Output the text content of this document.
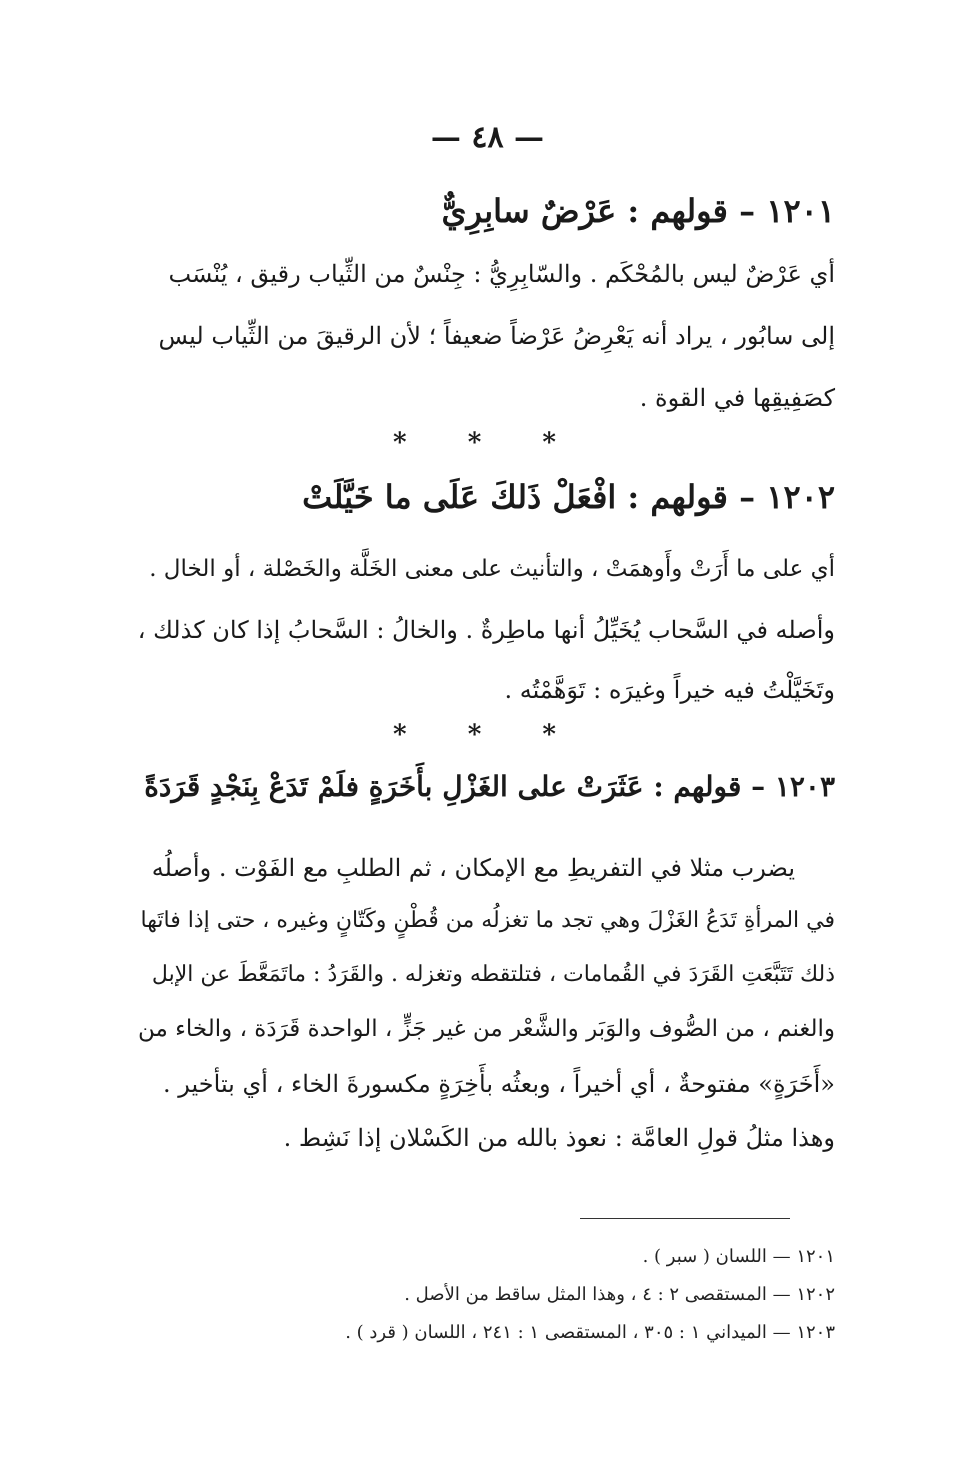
— ٤٨ —
١٢٠١ – قولهم : عَرْضٌ سابِرِيٌّ
أي عَرْضٌ ليس بالمُحْكَم . والسّابِرِيُّ : جِنْسٌ من الثِّياب رقيق ، يُنْسَب
إلى سابُور ، يراد أنه يَعْرِضُ عَرْضاً ضعيفاً ؛ لأن الرقيقَ من الثِّياب ليس
كصَفِيقِها في القوة .
* * *
١٢٠٢ – قولهم : افْعَلْ ذَلكَ عَلَى ما خَيَّلَتْ
أي على ما أَرَتْ وأَوهمَتْ ، والتأنيث على معنى الخَلَّة والخَصْلة ، أو الخال .
وأصله في السَّحاب يُخَيِّلُ أنها ماطِرةٌ . والخالُ : السَّحابُ إذا كان كذلك ،
وتَخَيَّلْتُ فيه خيراً وغيرَه : تَوَهَّمْتُه .
* * *
١٢٠٣ – قولهم : عَثَرَتْ على الغَزْلِ بأَخَرَةٍ فلَمْ تَدَعْ بِنَجْدٍ قَرَدَةً
يضرب مثلا في التفريطِ مع الإمكان ، ثم الطلبِ مع الفَوْت . وأصلُه
في المرأةِ تَدَعُ الغَزْلَ وهي تجد ما تغزلُه من قُطْنٍ وكَتّانٍ وغيره ، حتى إذا فاتَها
ذلك تَتَبَّعَتِ القَرَدَ في القُمامات ، فتلتقطه وتغزله . والقَرَدُ : ماتَمَعَّطَ عن الإبل
والغنم ، من الصُّوف والوَبَر والشَّعْر من غير جَزٍّ ، الواحدة قَرَدَة ، والخاء من
«أَخَرَةٍ» مفتوحةٌ ، أي أخيراً ، وبعثُه بأَخِرَةٍ مكسورةَ الخاء ، أي بتأخير .
وهذا مثلُ قولِ العامَّة : نعوذ بالله من الكَسْلان إذا نَشِط .
١٢٠١ — اللسان ( سبر ) .
١٢٠٢ — المستقصى ٢ : ٤ ، وهذا المثل ساقط من الأصل .
١٢٠٣ — الميداني ١ : ٣٠٥ ، المستقصى ١ : ٢٤١ ، اللسان ( قرد ) .
